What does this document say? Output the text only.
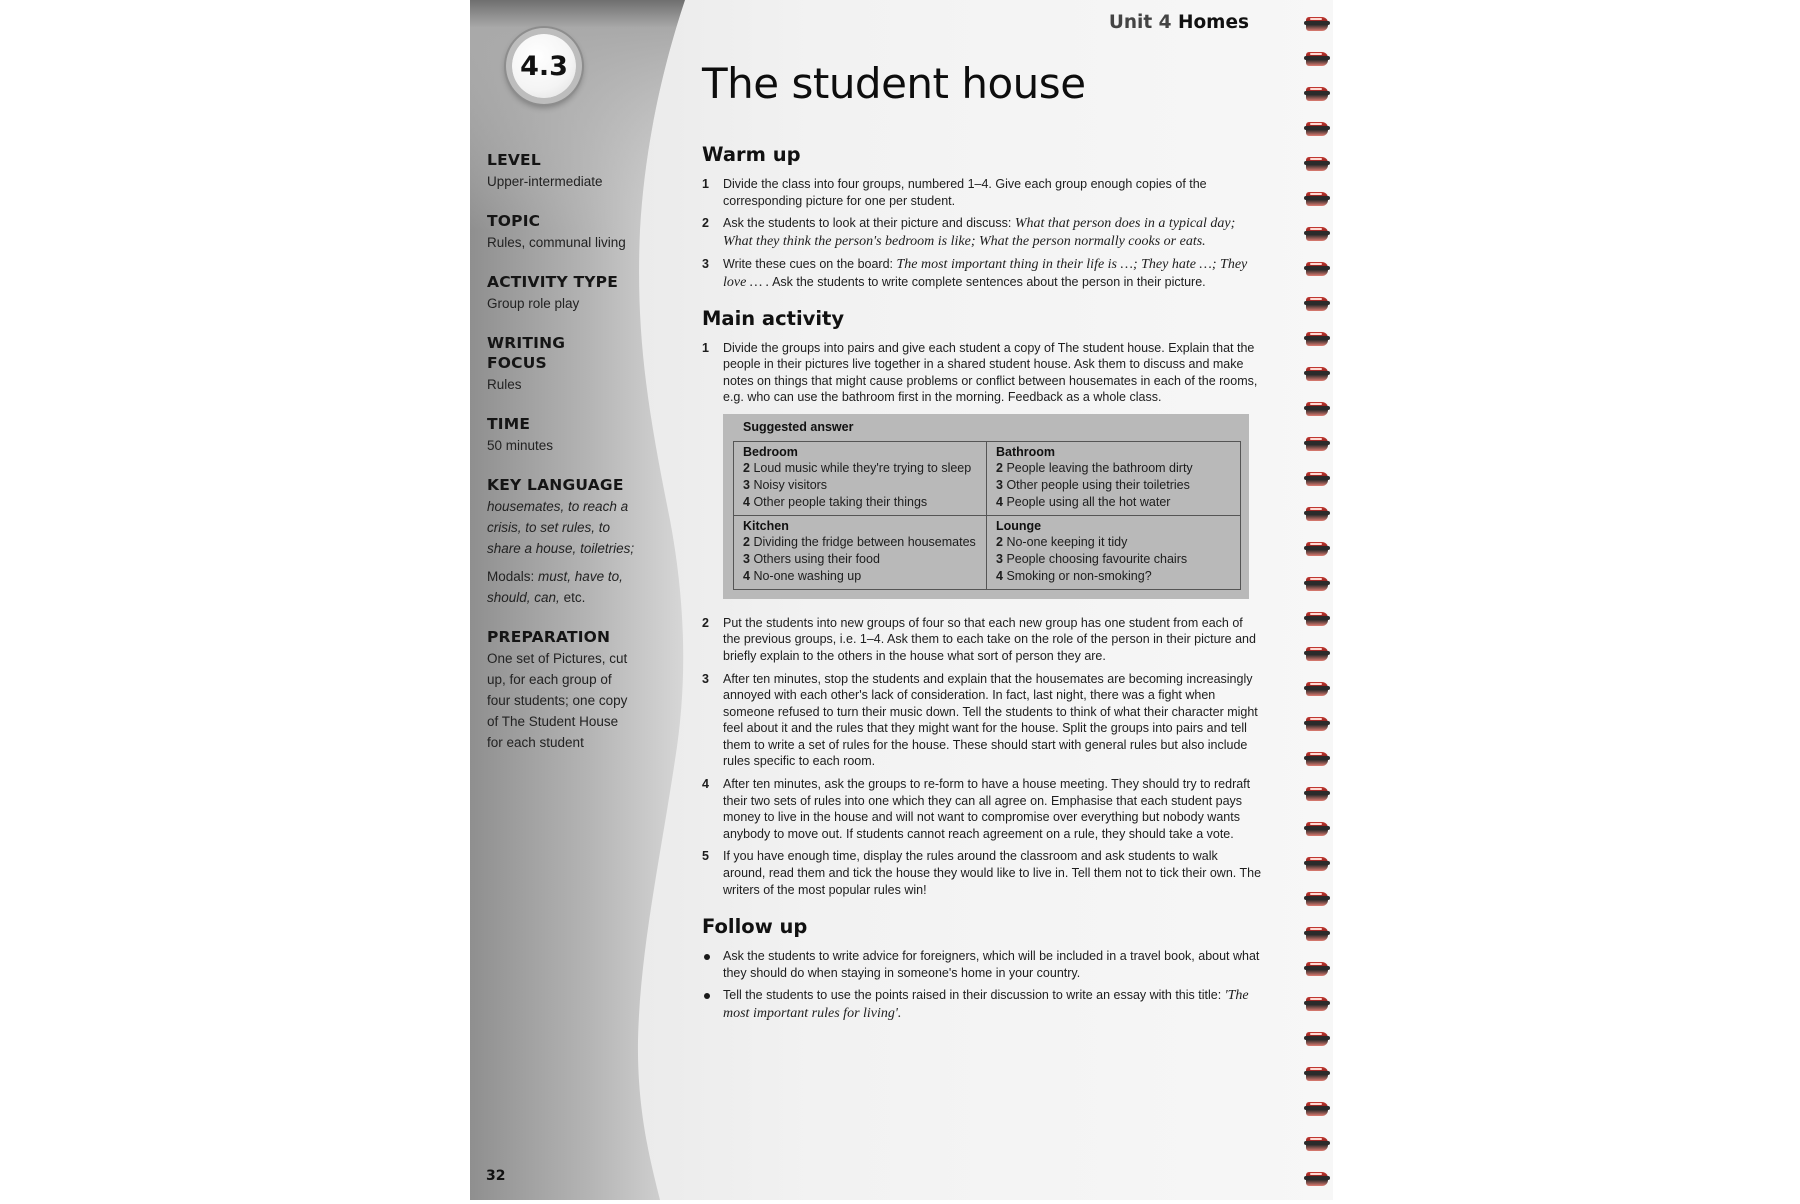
4.3
LEVEL
Upper-intermediate
TOPIC
Rules, communal living
ACTIVITY TYPE
Group role play
WRITING FOCUS
Rules
TIME
50 minutes
KEY LANGUAGE
housemates, to reach a crisis, to set rules, to share a house, toiletries;
Modals: must, have to, should, can, etc.
PREPARATION
One set of Pictures, cut up, for each group of four students; one copy of The Student House for each student
32
Unit 4 Homes
The student house
Warm up
1 Divide the class into four groups, numbered 1–4. Give each group enough copies of the corresponding picture for one per student.
2 Ask the students to look at their picture and discuss: What that person does in a typical day; What they think the person's bedroom is like; What the person normally cooks or eats.
3 Write these cues on the board: The most important thing in their life is …; They hate …; They love … . Ask the students to write complete sentences about the person in their picture.
Main activity
1 Divide the groups into pairs and give each student a copy of The student house. Explain that the people in their pictures live together in a shared student house. Ask them to discuss and make notes on things that might cause problems or conflict between housemates in each of the rooms, e.g. who can use the bathroom first in the morning. Feedback as a whole class.
Suggested answer
Bedroom
2 Loud music while they're trying to sleep
3 Noisy visitors
4 Other people taking their things
Bathroom
2 People leaving the bathroom dirty
3 Other people using their toiletries
4 People using all the hot water
Kitchen
2 Dividing the fridge between housemates
3 Others using their food
4 No-one washing up
Lounge
2 No-one keeping it tidy
3 People choosing favourite chairs
4 Smoking or non-smoking?
2 Put the students into new groups of four so that each new group has one student from each of the previous groups, i.e. 1–4. Ask them to each take on the role of the person in their picture and briefly explain to the others in the house what sort of person they are.
3 After ten minutes, stop the students and explain that the housemates are becoming increasingly annoyed with each other's lack of consideration. In fact, last night, there was a fight when someone refused to turn their music down. Tell the students to think of what their character might feel about it and the rules that they might want for the house. Split the groups into pairs and tell them to write a set of rules for the house. These should start with general rules but also include rules specific to each room.
4 After ten minutes, ask the groups to re-form to have a house meeting. They should try to redraft their two sets of rules into one which they can all agree on. Emphasise that each student pays money to live in the house and will not want to compromise over everything but nobody wants anybody to move out. If students cannot reach agreement on a rule, they should take a vote.
5 If you have enough time, display the rules around the classroom and ask students to walk around, read them and tick the house they would like to live in. Tell them not to tick their own. The writers of the most popular rules win!
Follow up
Ask the students to write advice for foreigners, which will be included in a travel book, about what they should do when staying in someone's home in your country.
Tell the students to use the points raised in their discussion to write an essay with this title: 'The most important rules for living'.
